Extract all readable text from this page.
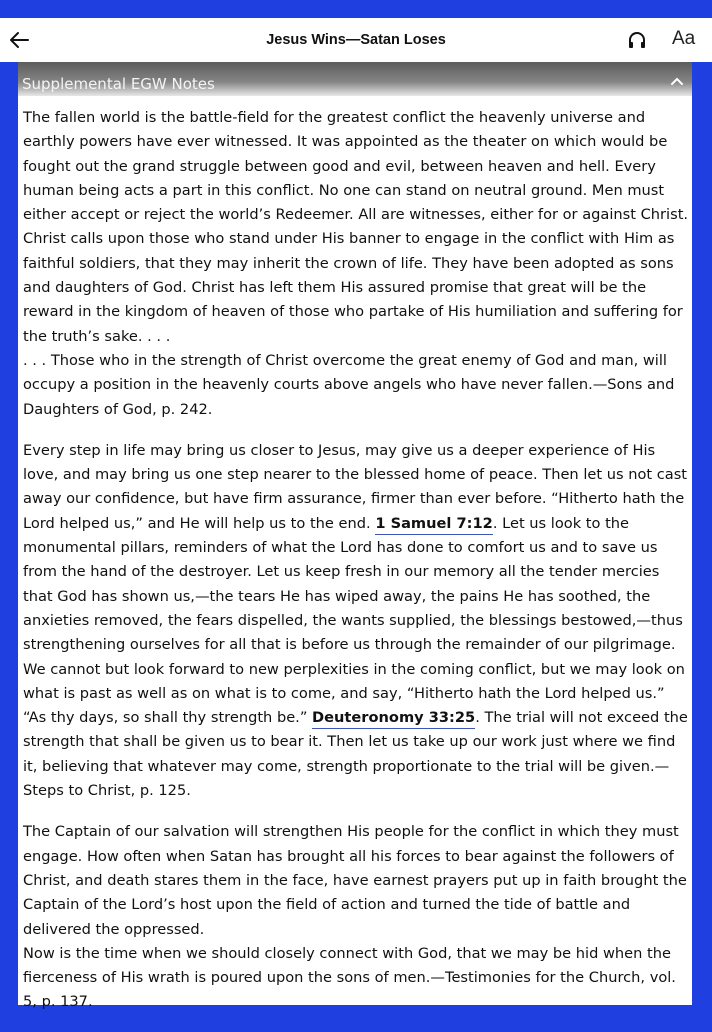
Jesus Wins—Satan Loses	Aa
Supplemental EGW Notes

The fallen world is the battle-field for the greatest conflict the heavenly universe and earthly powers have ever witnessed. It was appointed as the theater on which would be fought out the grand struggle between good and evil, between heaven and hell. Every human being acts a part in this conflict. No one can stand on neutral ground. Men must either accept or reject the world’s Redeemer. All are witnesses, either for or against Christ. Christ calls upon those who stand under His banner to engage in the conflict with Him as faithful soldiers, that they may inherit the crown of life. They have been adopted as sons and daughters of God. Christ has left them His assured promise that great will be the reward in the kingdom of heaven of those who partake of His humiliation and suffering for the truth’s sake. . . .
. . . Those who in the strength of Christ overcome the great enemy of God and man, will occupy a position in the heavenly courts above angels who have never fallen.—Sons and Daughters of God, p. 242.

Every step in life may bring us closer to Jesus, may give us a deeper experience of His love, and may bring us one step nearer to the blessed home of peace. Then let us not cast away our confidence, but have firm assurance, firmer than ever before. “Hitherto hath the Lord helped us,” and He will help us to the end. 1 Samuel 7:12. Let us look to the monumental pillars, reminders of what the Lord has done to comfort us and to save us from the hand of the destroyer. Let us keep fresh in our memory all the tender mercies that God has shown us,—the tears He has wiped away, the pains He has soothed, the anxieties removed, the fears dispelled, the wants supplied, the blessings bestowed,—thus strengthening ourselves for all that is before us through the remainder of our pilgrimage.
We cannot but look forward to new perplexities in the coming conflict, but we may look on what is past as well as on what is to come, and say, “Hitherto hath the Lord helped us.” “As thy days, so shall thy strength be.” Deuteronomy 33:25. The trial will not exceed the strength that shall be given us to bear it. Then let us take up our work just where we find it, believing that whatever may come, strength proportionate to the trial will be given.—Steps to Christ, p. 125.

The Captain of our salvation will strengthen His people for the conflict in which they must engage. How often when Satan has brought all his forces to bear against the followers of Christ, and death stares them in the face, have earnest prayers put up in faith brought the Captain of the Lord’s host upon the field of action and turned the tide of battle and delivered the oppressed.
Now is the time when we should closely connect with God, that we may be hid when the fierceness of His wrath is poured upon the sons of men.—Testimonies for the Church, vol. 5, p. 137.
